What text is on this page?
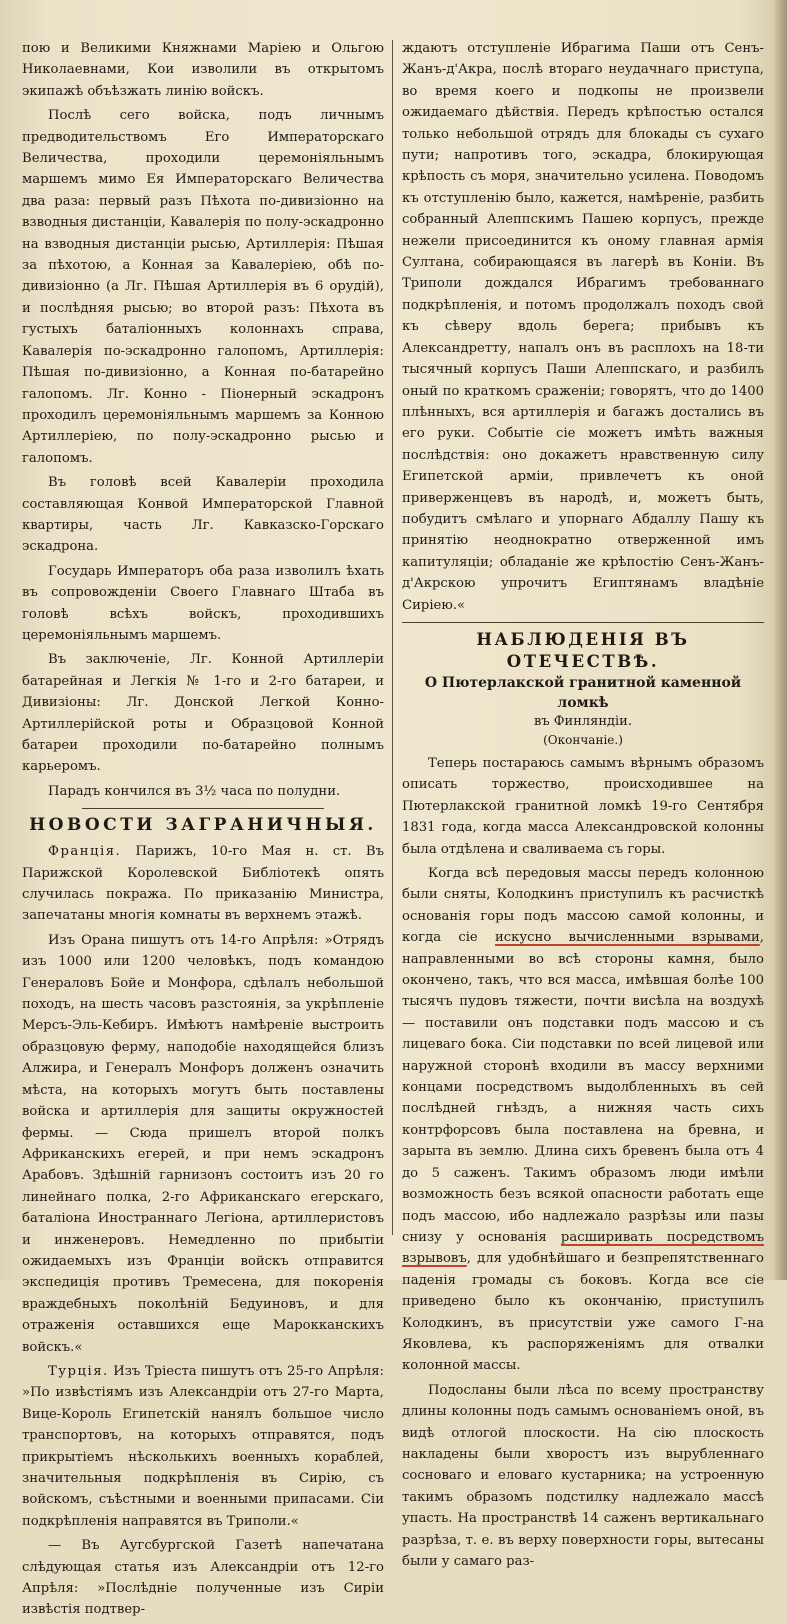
пою и Великими Княжнами Марiею и Ольгою Николаевнами, Кои изволили въ открытомъ экипажѣ объѣзжать линiю войскъ.

Послѣ сего войска, подъ личнымъ предводительствомъ Его Императорскаго Величества, проходили церемонiяльнымъ маршемъ мимо Ея Императорскаго Величества два раза: первый разъ Пѣхота по-дивизiонно на взводныя дистанцiи, Кавалерiя по полу-эскадронно на взводныя дистанцiи рысью, Артиллерiя: Пѣшая за пѣхотою, а Конная за Кавалерiею, обѣ по-дивизiонно (а Лг. Пѣшая Артиллерiя въ 6 орудiй), и послѣдняя рысью; во второй разъ: Пѣхота въ густыхъ баталiонныхъ колоннахъ справа, Кавалерiя по-эскадронно галопомъ, Артиллерiя: Пѣшая по-дивизiонно, а Конная по-батарейно галопомъ. Лг. Конно - Пiонерный эскадронъ проходилъ церемонiяльнымъ маршемъ за Конною Артиллерiею, по полу-эскадронно рысью и галопомъ.

Въ головѣ всей Кавалерiи проходила составляющая Конвой Императорской Главной квартиры, часть Лг. Кавказско-Горскаго эскадрона.

Государь Императоръ оба раза изволилъ ѣхать въ сопровожденiи Своего Главнаго Штаба въ головѣ всѣхъ войскъ, проходившихъ церемонiяльнымъ маршемъ.

Въ заключенiе, Лг. Конной Артиллерiи батарейная и Легкiя № 1-го и 2-го батареи, и Дивизiоны: Лг. Донской Легкой Конно-Артиллерiйской роты и Образцовой Конной батареи проходили по-батарейно полнымъ карьеромъ.

Парадъ кончился въ 3½ часа по полудни.

НОВОСТИ ЗАГРАНИЧНЫЯ.

Францiя. Парижъ, 10-го Мая н. ст. Въ Парижской Королевской Библiотекѣ опять случилась покража. По приказанiю Министра, запечатаны многiя комнаты въ верхнемъ этажѣ.

Изъ Орана пишутъ отъ 14-го Апрѣля: »Отрядъ изъ 1000 или 1200 человѣкъ, подъ командою Генераловъ Бойе и Монфора, сдѣлалъ небольшой походъ, на шесть часовъ разстоянiя, за укрѣпленiе Мерсъ-Эль-Кебиръ. Имѣютъ намѣренiе выстроить образцовую ферму, наподобiе находящейся близъ Алжира, и Генералъ Монфоръ долженъ означить мѣста, на которыхъ могутъ быть поставлены войска и артиллерiя для защиты окружностей фермы. — Сюда пришелъ второй полкъ Африканскихъ егерей, и при немъ эскадронъ Арабовъ. Здѣшнiй гарнизонъ состоитъ изъ 20 го линейнаго полка, 2-го Африканскаго егерскаго, баталiона Иностраннаго Легiона, артиллеристовъ и инженеровъ. Немедленно по прибытiи ожидаемыхъ изъ Францiи войскъ отправится экспедицiя противъ Тремесена, для покоренiя враждебныхъ поколѣнiй Бедуиновъ, и для отраженiя оставшихся еще Марокканскихъ войскъ.«

Турцiя. Изъ Трiеста пишутъ отъ 25-го Апрѣля: »По извѣстiямъ изъ Александрiи отъ 27-го Марта, Вице-Король Египетскiй нанялъ большое число транспортовъ, на которыхъ отправятся, подъ прикрытiемъ нѣсколькихъ военныхъ кораблей, значительныя подкрѣпленiя въ Сирiю, съ войскомъ, съѣстными и военными припасами. Сiи подкрѣпленiя направятся въ Триполи.«

— Въ Аугсбургской Газетѣ напечатана слѣдующая статья изъ Александрiи отъ 12-го Апрѣля: »Послѣднiе полученные изъ Сирiи извѣстiя подтвер-

ждаютъ отступленiе Ибрагима Паши отъ Сенъ-Жанъ-д'Акра, послѣ втораго неудачнаго приступа, во время коего и подкопы не произвели ожидаемаго дѣйствiя. Передъ крѣпостью остался только небольшой отрядъ для блокады съ сухаго пути; напротивъ того, эскадра, блокирующая крѣпость съ моря, значительно усилена. Поводомъ къ отступленiю было, кажется, намѣренiе, разбить собранный Алеппскимъ Пашею корпусъ, прежде нежели присоединится къ оному главная армiя Султана, собирающаяся въ лагерѣ въ Конiи. Въ Триполи дождался Ибрагимъ требованнаго подкрѣпленiя, и потомъ продолжалъ походъ свой къ сѣверу вдоль берега; прибывъ къ Александретту, напалъ онъ въ расплохъ на 18-ти тысячный корпусъ Паши Алеппскаго, и разбилъ оный по краткомъ сраженiи; говорятъ, что до 1400 плѣнныхъ, вся артиллерiя и багажъ достались въ его руки. Событiе сiе можетъ имѣть важныя послѣдствiя: оно докажетъ нравственную силу Египетской армiи, привлечетъ къ оной приверженцевъ въ народѣ, и, можетъ быть, побудитъ смѣлаго и упорнаго Абдаллу Пашу къ принятiю неоднократно отверженной имъ капитуляцiи; обладанiе же крѣпостiю Сенъ-Жанъ-д'Акрскою упрочитъ Египтянамъ владѣнiе Сирiею.«

НАБЛЮДЕНIЯ ВЪ ОТЕЧЕСТВѢ.
О Пютерлакской гранитной каменной ломкѣ
въ Финляндiи.
(Окончанiе.)

Теперь постараюсь самымъ вѣрнымъ образомъ описать торжество, происходившее на Пютерлакской гранитной ломкѣ 19-го Сентября 1831 года, когда масса Александровской колонны была отдѣлена и сваливаема съ горы.

Когда всѣ передовыя массы передъ колонною были сняты, Колодкинъ приступилъ къ расчисткѣ основанiя горы подъ массою самой колонны, и когда сiе искусно вычисленными взрывами, направленными во всѣ стороны камня, было окончено, такъ, что вся масса, имѣвшая болѣе 100 тысячъ пудовъ тяжести, почти висѣла на воздухѣ — поставили онъ подставки подъ массою и съ лицеваго бока. Сiи подставки по всей лицевой или наружной сторонѣ входили въ массу верхними концами посредствомъ выдолбленныхъ въ сей послѣдней гнѣздъ, а нижняя часть сихъ контрфорсовъ была поставлена на бревна, и зарыта въ землю. Длина сихъ бревенъ была отъ 4 до 5 саженъ. Такимъ образомъ люди имѣли возможность безъ всякой опасности работать еще подъ массою, ибо надлежало разрѣзы или пазы снизу у основанiя расширивать посредствомъ взрывовъ, для удобнѣйшаго и безпрепятственнаго паденiя громады съ боковъ. Когда все сiе приведено было къ окончанiю, приступилъ Колодкинъ, въ присутствiи уже самого Г-на Яковлева, къ распоряженiямъ для отвалки колонной массы.

Подосланы были лѣса по всему пространству длины колонны подъ самымъ основанiемъ оной, въ видѣ отлогой плоскости. На сiю плоскость накладены были хворостъ изъ вырубленнаго сосноваго и еловаго кустарника; на устроенную такимъ образомъ подстилку надлежало массѣ упасть. На пространствѣ 14 саженъ вертикальнаго разрѣза, т. е. въ верху поверхности горы, вытесаны были у самаго раз-
